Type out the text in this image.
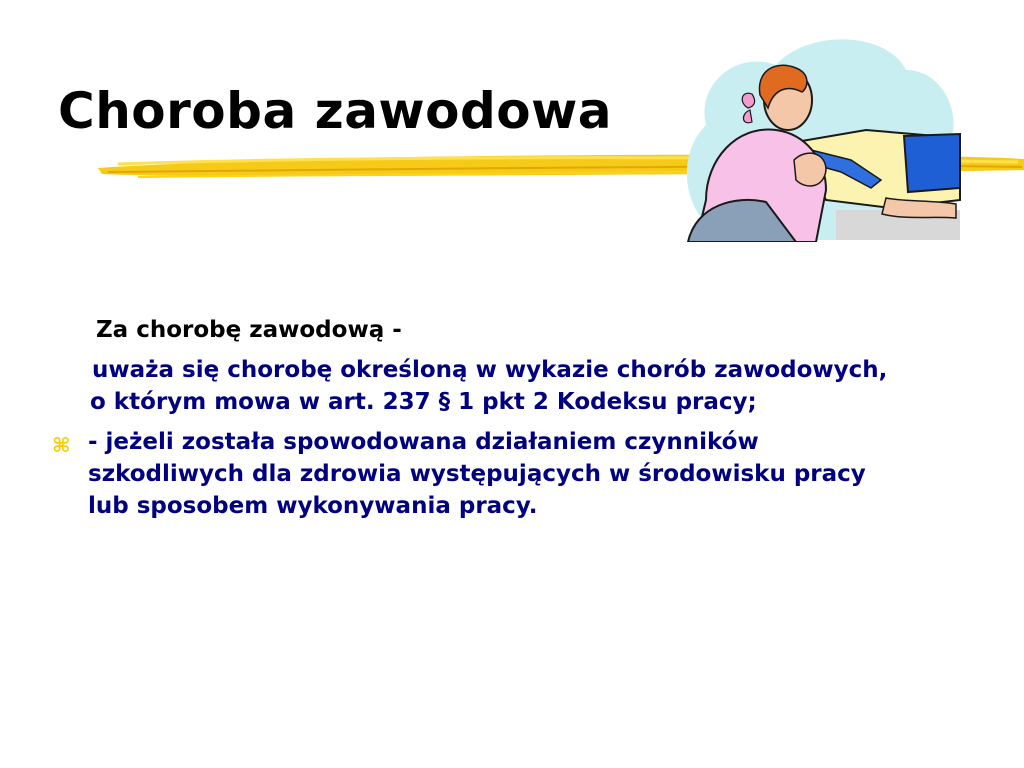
Choroba zawodowa
Za chorobę zawodową -
uważa się chorobę określoną w wykazie chorób zawodowych,
o którym mowa w art. 237 § 1 pkt 2 Kodeksu pracy;
⌘ - jeżeli została spowodowana działaniem czynników
szkodliwych dla zdrowia występujących w środowisku pracy
lub sposobem wykonywania pracy.
